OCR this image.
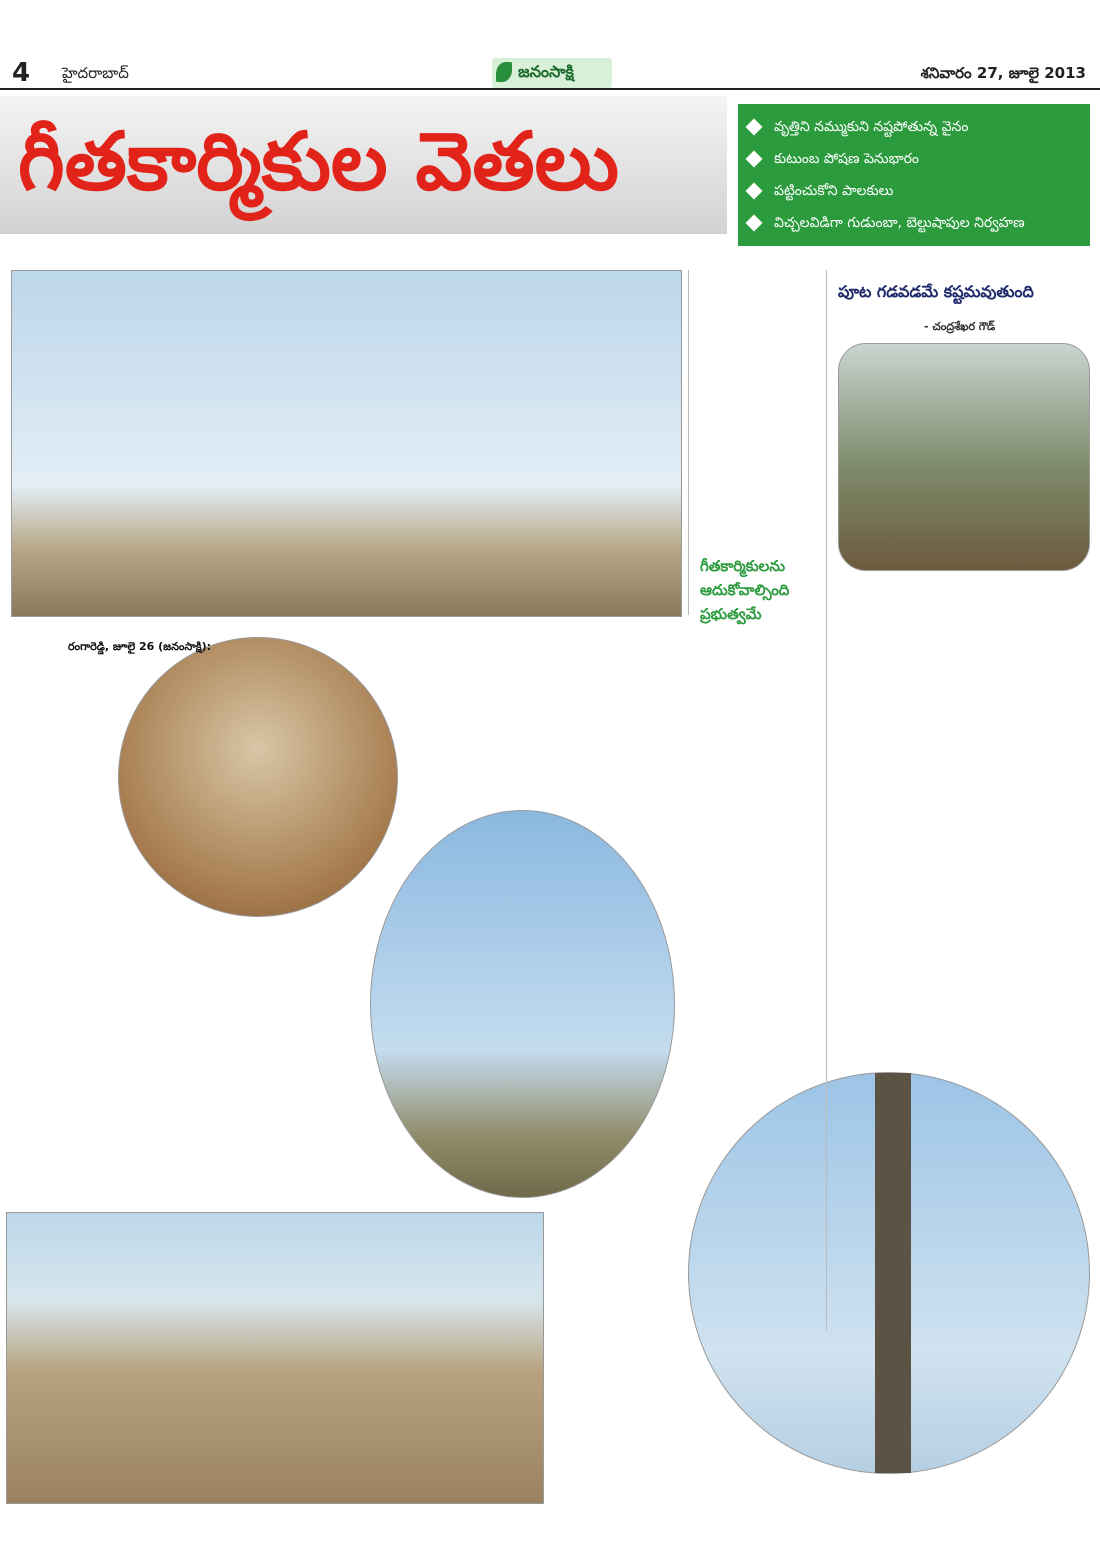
4 హైదరాబాద్	జనంసాక్షి	శనివారం 27, జూలై 2013
గీతకార్మికుల వెతలు	వృత్తిని నమ్ముకుని నష్టపోతున్న వైనం
కుటుంబ పోషణ పెనుభారం
పట్టించుకోని పాలకులు
విచ్చలవిడిగా గుడుంబా, బెల్టుషాపుల నిర్వహణ
పూట గడవడమే కష్టమవుతుంది
- చంద్రశేఖర గౌడ్
గీతకార్మికులను ఆదుకోవాల్సింది ప్రభుత్వమే
రంగారెడ్డి, జూలై 26 (జనంసాక్షి):
